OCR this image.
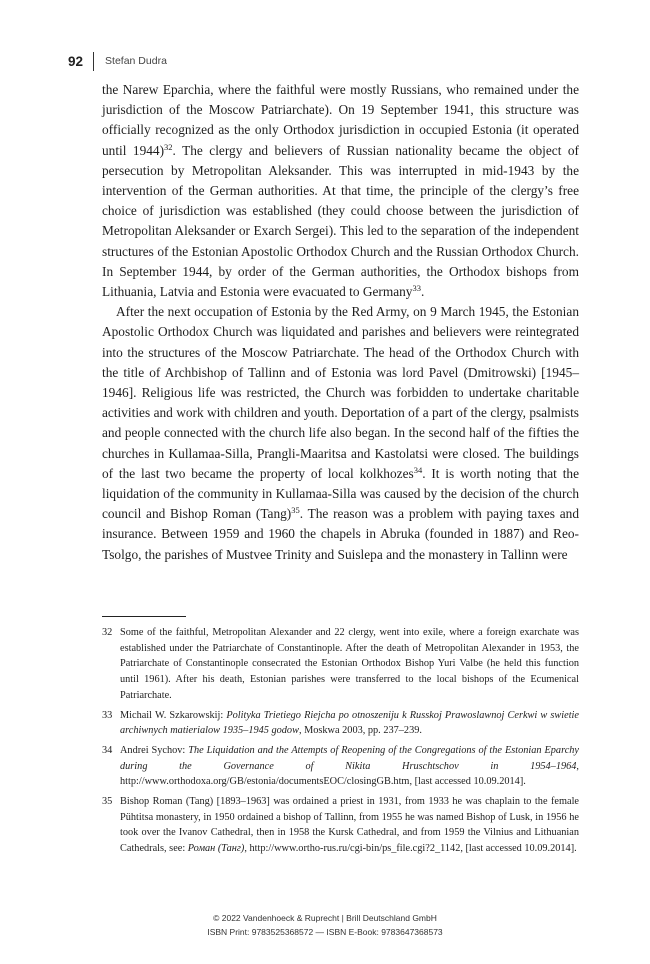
92 Stefan Dudra

the Narew Eparchia, where the faithful were mostly Russians, who remained under the jurisdiction of the Moscow Patriarchate). On 19 September 1941, this structure was officially recognized as the only Orthodox jurisdiction in occupied Estonia (it operated until 1944)$^{32}$. The clergy and believers of Russian nationality became the object of persecution by Metropolitan Aleksander. This was interrupted in mid-1943 by the intervention of the German authorities. At that time, the principle of the clergy’s free choice of jurisdiction was established (they could choose between the jurisdiction of Metropolitan Aleksander or Exarch Sergei). This led to the separation of the independent structures of the Estonian Apostolic Orthodox Church and the Russian Orthodox Church. In September 1944, by order of the German authorities, the Orthodox bishops from Lithuania, Latvia and Estonia were evacuated to Germany$^{33}$.

After the next occupation of Estonia by the Red Army, on 9 March 1945, the Estonian Apostolic Orthodox Church was liquidated and parishes and believers were reintegrated into the structures of the Moscow Patriarchate. The head of the Orthodox Church with the title of Archbishop of Tallinn and of Estonia was lord Pavel (Dmitrowski) [1945–1946]. Religious life was restricted, the Church was forbidden to undertake charitable activities and work with children and youth. Deportation of a part of the clergy, psalmists and people connected with the church life also began. In the second half of the fifties the churches in Kullamaa-Silla, Prangli-Maaritsa and Kastolatsi were closed. The buildings of the last two became the property of local kolkhozes$^{34}$. It is worth noting that the liquidation of the community in Kullamaa-Silla was caused by the decision of the church council and Bishop Roman (Tang)$^{35}$. The reason was a problem with paying taxes and insurance. Between 1959 and 1960 the chapels in Abruka (founded in 1887) and Reo-Tsolgo, the parishes of Mustvee Trinity and Suislepa and the monastery in Tallinn were

32 Some of the faithful, Metropolitan Alexander and 22 clergy, went into exile, where a foreign exarchate was established under the Patriarchate of Constantinople. After the death of Metropolitan Alexander in 1953, the Patriarchate of Constantinople consecrated the Estonian Orthodox Bishop Yuri Valbe (he held this function until 1961). After his death, Estonian parishes were transferred to the local bishops of the Ecumenical Patriarchate.
33 Michail W. Szkarowskij: Polityka Trietiego Riejcha po otnoszeniju k Russkoj Prawoslawnoj Cerkwi w swietie archiwnych matierialow 1935–1945 godow, Moskwa 2003, pp. 237–239.
34 Andrei Sychov: The Liquidation and the Attempts of Reopening of the Congregations of the Estonian Eparchy during the Governance of Nikita Hruschtschov in 1954–1964, http://www.orthodoxa.org/GB/estonia/documentsEOC/closingGB.htm, [last accessed 10.09.2014].
35 Bishop Roman (Tang) [1893–1963] was ordained a priest in 1931, from 1933 he was chaplain to the female Pühtitsa monastery, in 1950 ordained a bishop of Tallinn, from 1955 he was named Bishop of Lusk, in 1956 he took over the Ivanov Cathedral, then in 1958 the Kursk Cathedral, and from 1959 the Vilnius and Lithuanian Cathedrals, see: Роман (Танг), http://www.ortho-rus.ru/cgi-bin/ps_file.cgi?2_1142, [last accessed 10.09.2014].
© 2022 Vandenhoeck & Ruprecht | Brill Deutschland GmbH
ISBN Print: 9783525368572 — ISBN E-Book: 9783647368573
